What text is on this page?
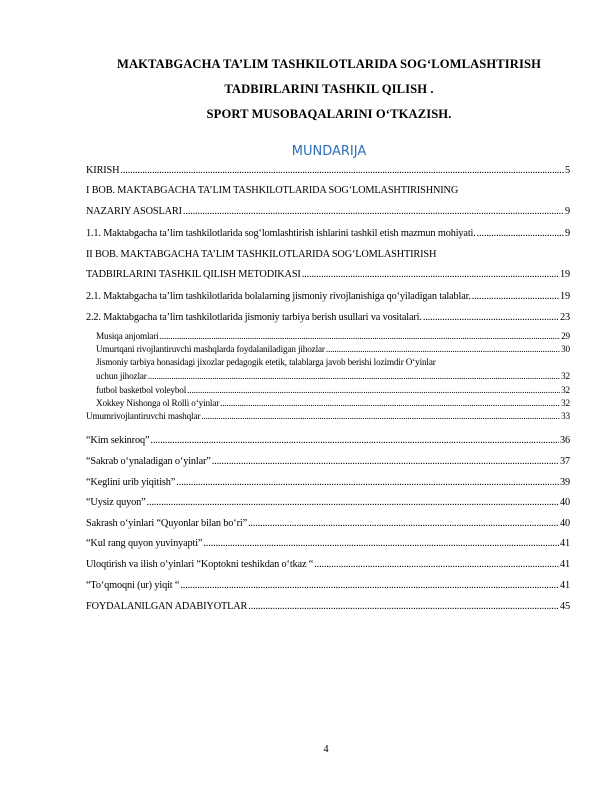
MAKTABGACHA TA’LIM TASHKILOTLARIDA SOG‘LOMLASHTIRISH
TADBIRLARINI TASHKIL QILISH .
SPORT MUSOBAQALARINI O‘TKAZISH.
MUNDARIJA
KIRISH .....	5
I BOB. MAKTABGACHA TA’LIM TASHKILOTLARIDA SOG‘LOMLASHTIRISHNING
NAZARIY ASOSLARI .....	9
1.1. Maktabgacha ta’lim tashkilotlarida sog‘lomlashtirish ishlarini tashkil etish mazmun mohiyati. .....	9
II BOB. MAKTABGACHA TA’LIM TASHKILOTLARIDA SOG‘LOMLASHTIRISH
TADBIRLARINI TASHKIL QILISH METODIKASI .....	19
2.1. Maktabgacha ta’lim tashkilotlarida bolalarning jismoniy rivojlanishiga qo‘yiladigan talablar. .....	19
2.2. Maktabgacha ta’lim tashkilotlarida jismoniy tarbiya berish usullari va vositalari. .....	23
Musiqa anjomlari .....	29
Umurtqani rivojlantiruvchi mashqlarda foydalaniladigan jihozlar .....	30
Jismoniy tarbiya honasidagi jixozlar pedagogik etetik, talablarga javob berishi lozimdir O‘yinlar
uchun jihozlar .....	32
futbol basketbol voleybol .....	32
Xokkey Nishonga ol Rolli o‘yinlar .....	32
Umumrivojlantiruvchi mashqlar .....	33
“Kim sekinroq” .....	36
“Sakrab o‘ynaladigan o‘yinlar” .....	37
“Keglini urib yiqitish” .....	39
“Uysiz quyon” .....	40
Sakrash o‘yinlari “Quyonlar bilan bo‘ri” .....	40
“Kul rang quyon yuvinyapti” .....	41
Uloqtirish va ilish o‘yinlari “Koptokni teshikdan o‘tkaz “ .....	41
“To‘qmoqni (ur) yiqit “ .....	41
FOYDALANILGAN ADABIYOTLAR .....	45
4
